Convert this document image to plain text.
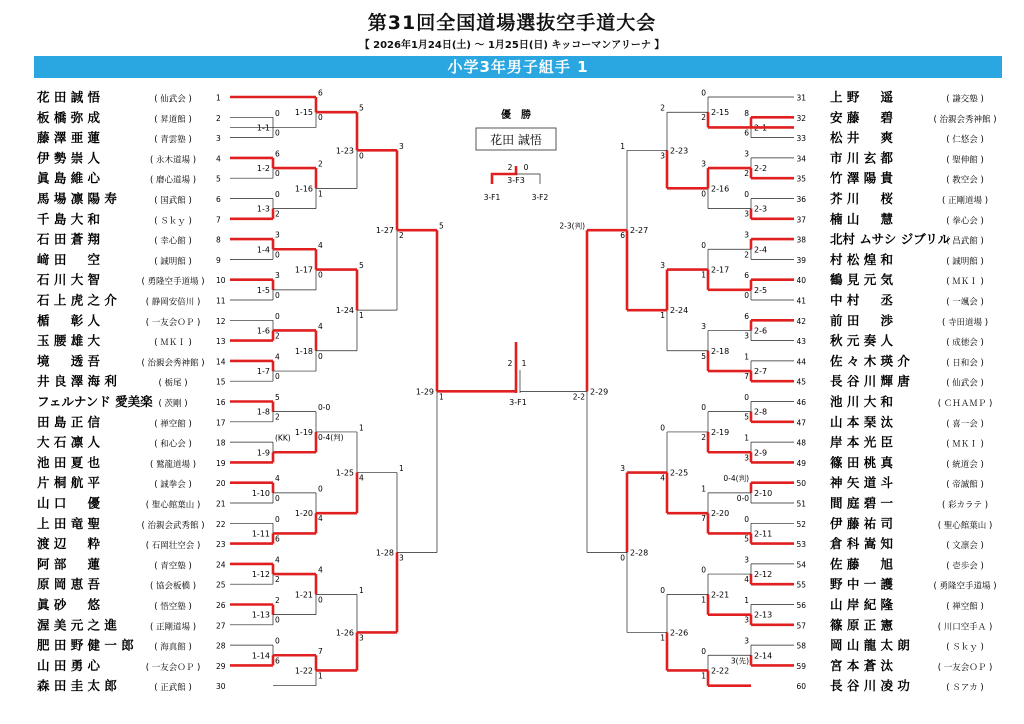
第31回全国道場選抜空手道大会
【 2026年1月24日(土) ～ 1月25日(日) キッコーマンアリーナ 】
小学3年男子組手 1
花 田 誠 悟	( 仙武会 )	1
板 橋 弥 成	( 昇道館 )	2
藤 澤 亜 蓮	( 青雲塾 )	3
伊 勢 崇 人	( 永木道場 )	4
眞 島 維 心	( 磨心道場 )	5
馬 場 凛 陽 寿	( 国武館 )	6
千 島 大 和	( Ｓｋｙ )	7
石 田 蒼 翔	( 幸心館 )	8
﨑 田 　 空	( 誠明館 )	9
石 川 大 智	( 勇隆空手道場 ) 10
石 上 虎 之 介	( 静岡安倍川 ) 11
楯 　 彰 人	( 一友会ＯＰ ) 12
玉 腰 雄 大	( ＭＫＩ )	13
境 　 透 吾	( 治親会秀神館 ) 14
井 良 澤 海 利	( 栃尾 )	15
フェルナンド 愛美楽 ( 茨剛 )	16
田 島 正 信	( 禅空館 )	17
大 石 凛 人	( 和心会 )	18
池 田 夏 也	( 鷲龍道場 )	19
片 桐 航 平	( 誠拳会 )	20
山 口 　 優	( 聖心館葉山 ) 21
上 田 竜 聖	( 治親会武秀館 ) 22
渡 辺 　 粋	( 石岡壮空会 ) 23
阿 部 　 蓮	( 青空塾 )	24
原 岡 恵 吾	( 協会板橋 )	25
眞 砂 　 悠	( 悟空塾 )	26
渥 美 元 之 進	( 正剛道場 )	27
肥 田 野 健 一 郎 ( 海真館 )	28
山 田 勇 心	( 一友会ＯＰ ) 29
森 田 圭 太 郎	( 正武館 )	30
上 野 　 遥	( 謙交塾 )
31
安 藤 　 碧	( 治親会秀神館 )
32
松 井 　 爽	( 仁悠会 )
33
市 川 玄 都	( 聖伸館 )
34
竹 澤 陽 貴	( 教空会 )
35
芥 川 　 桜	( 正剛道場 )
36
楠 山 　 慧	( 拳心会 )
37
北村 ムサシ ジブリル
( 昌武館 )
38
村 松 煌 和	( 誠明館 )
39
鶴 見 元 気	( ＭＫＩ )
40
中 村 　 丞	( 一颯会 )
41
前 田 　 渉	( 寺田道場 )
42
秋 元 奏 人	( 成徳会 )
43
佐 々 木 瑛 介	( 日和会 )
44
長 谷 川 輝 唐	( 仙武会 )
45
池 川 大 和	( ＣＨＡＭＰ )
46
山 本 琹 汰	( 喜一会 )
47
岸 本 光 臣	( ＭＫＩ )
48
篠 田 桃 真	( 統道会 )
49
神 矢 道 斗	( 帝誠館 )
50
間 庭 碧 一	( 彩カラテ )
51
伊 藤 祐 司	( 聖心館葉山 )
52
倉 科 嵩 知	( 文凛会 )
53
佐 藤 　 旭	( 壱歩会 )
54
野 中 一 護	( 勇隆空手道場 )
55
山 岸 紀 隆	( 禅空館 )
56
篠 原 正 憲	( 川口空手Ａ )
57
岡 山 龍 太 朗	( Ｓｋｙ )
58
宮 本 蒼 汰	( 一友会ＯＰ )
59
長 谷 川 凌 功	( Ｓアカ )
60
1-1
0
0
1-2
6
0
1-3
0
2
1-4
3
0
1-5
3
0
1-6
0
2
1-7
4
0
1-8
5
2
1-9
(KK)
1-10
4
0
1-11
0
6
1-12
4
2
1-13
2
0
1-14
0
6
1-15
6
0
1-16
2
1
1-17
4
0
1-18
4
0
1-19
0-0
0-4(判)
1-20
0
4
1-21
4
0
1-22
7
1
1-23
5
0
1-24
5
1
1-25
1
4
1-26
1
3
1-27
3
2
1-28
1
3
1-29
5
1
2-1
8
6
2-2
3
2
2-3
0
3
2-4
3
2
2-5
6
0
2-6
6
3
2-7
1
7
2-8
0
5
2-9
1
3
2-10
0-4(判)
0-0
2-11
0
5
2-12
3
4
2-13
1
3
2-14
3
3(先)
2-15
0
2
2-16
3
0
2-17
0
1
2-18
3
5
2-19
0
2
2-20
1
7
2-21
0
1
2-22
0
1
2-23
2
3
2-24
3
1
2-25
0
4
2-26
0
1
2-27
1
6
2-28
3
0
2-29
2-3(判)
2-2
3-F1
2 1
優　勝
花田 誠悟
2 0
3-F3
3-F1	3-F2
